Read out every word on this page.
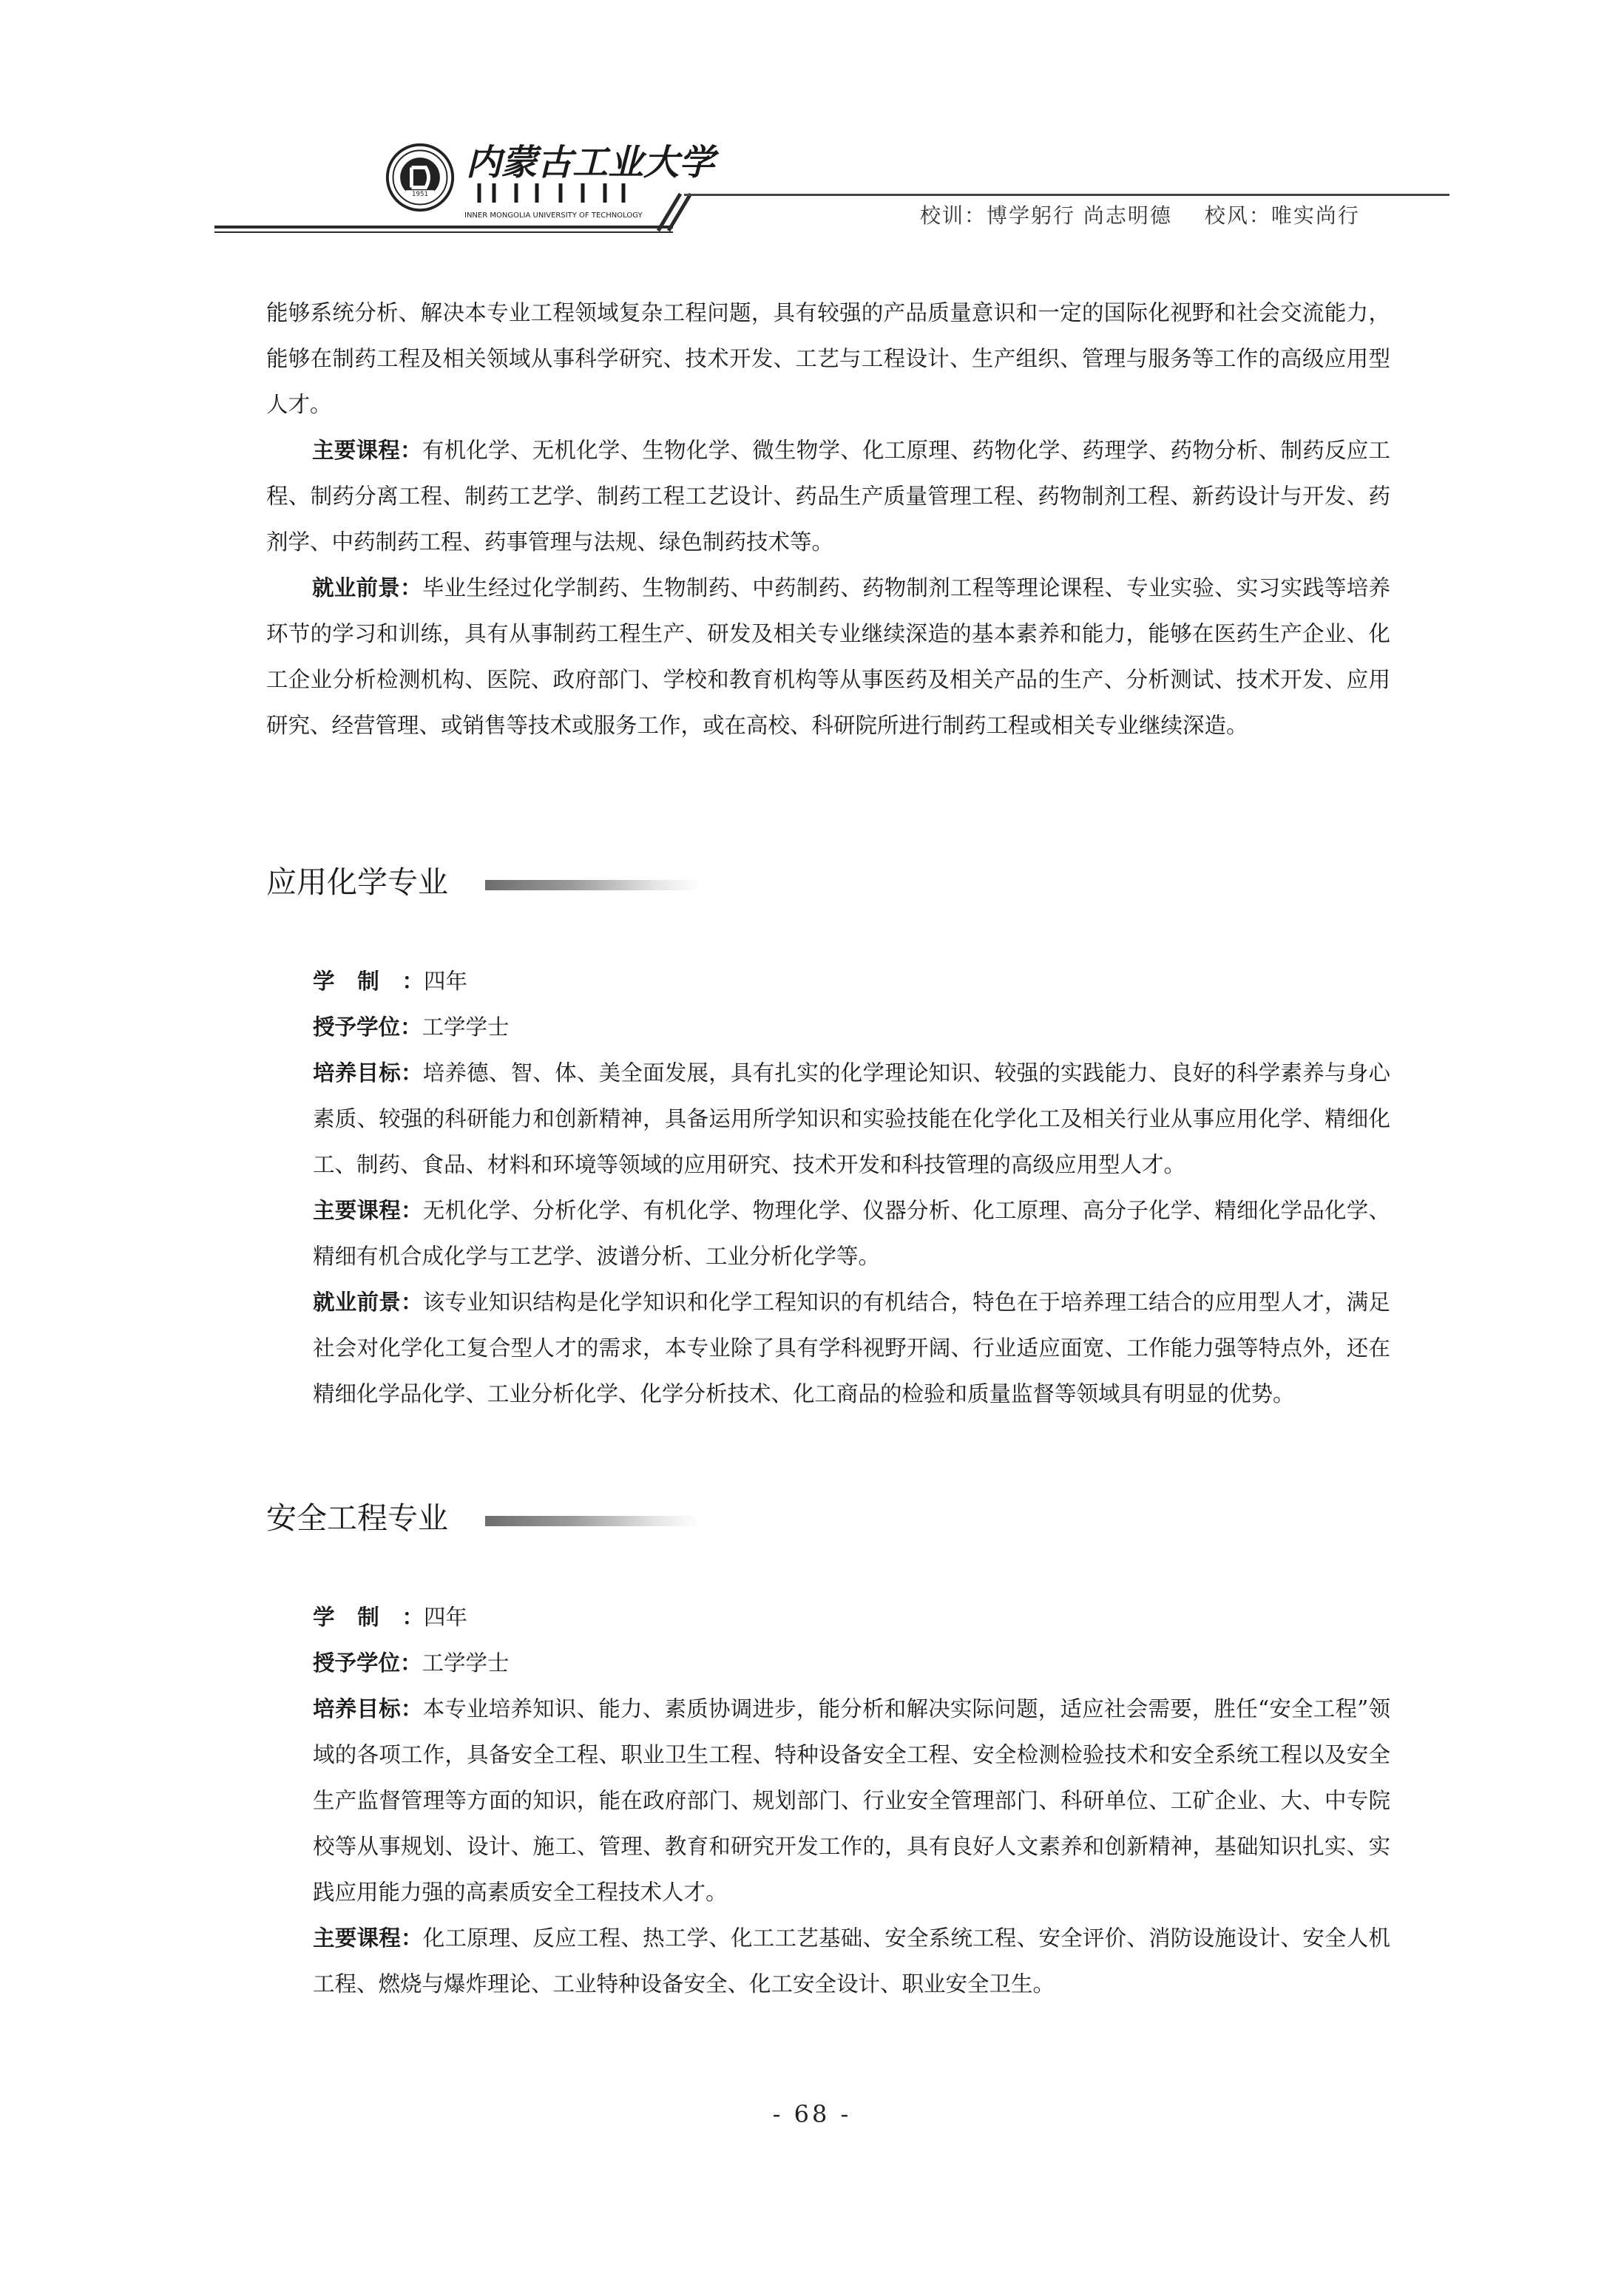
1951
内蒙古工业大学
INNER MONGOLIA UNIVERSITY OF TECHNOLOGY	校训：博学躬行 尚志明德 校风：唯实尚行

能够系统分析、解决本专业工程领域复杂工程问题，具有较强的产品质量意识和一定的国际化视野和社会交流能力，能够在制药工程及相关领域从事科学研究、技术开发、工艺与工程设计、生产组织、管理与服务等工作的高级应用型人才。

主要课程：有机化学、无机化学、生物化学、微生物学、化工原理、药物化学、药理学、药物分析、制药反应工程、制药分离工程、制药工艺学、制药工程工艺设计、药品生产质量管理工程、药物制剂工程、新药设计与开发、药剂学、中药制药工程、药事管理与法规、绿色制药技术等。

就业前景：毕业生经过化学制药、生物制药、中药制药、药物制剂工程等理论课程、专业实验、实习实践等培养环节的学习和训练，具有从事制药工程生产、研发及相关专业继续深造的基本素养和能力，能够在医药生产企业、化工企业分析检测机构、医院、政府部门、学校和教育机构等从事医药及相关产品的生产、分析测试、技术开发、应用研究、经营管理、或销售等技术或服务工作，或在高校、科研院所进行制药工程或相关专业继续深造。

应用化学专业

学制：四年

授予学位：工学学士

培养目标：培养德、智、体、美全面发展，具有扎实的化学理论知识、较强的实践能力、良好的科学素养与身心素质、较强的科研能力和创新精神，具备运用所学知识和实验技能在化学化工及相关行业从事应用化学、精细化工、制药、食品、材料和环境等领域的应用研究、技术开发和科技管理的高级应用型人才。

主要课程：无机化学、分析化学、有机化学、物理化学、仪器分析、化工原理、高分子化学、精细化学品化学、精细有机合成化学与工艺学、波谱分析、工业分析化学等。

就业前景：该专业知识结构是化学知识和化学工程知识的有机结合，特色在于培养理工结合的应用型人才，满足社会对化学化工复合型人才的需求，本专业除了具有学科视野开阔、行业适应面宽、工作能力强等特点外，还在精细化学品化学、工业分析化学、化学分析技术、化工商品的检验和质量监督等领域具有明显的优势。

安全工程专业

学制：四年

授予学位：工学学士

培养目标：本专业培养知识、能力、素质协调进步，能分析和解决实际问题，适应社会需要，胜任“安全工程”领域的各项工作，具备安全工程、职业卫生工程、特种设备安全工程、安全检测检验技术和安全系统工程以及安全生产监督管理等方面的知识，能在政府部门、规划部门、行业安全管理部门、科研单位、工矿企业、大、中专院校等从事规划、设计、施工、管理、教育和研究开发工作的，具有良好人文素养和创新精神，基础知识扎实、实践应用能力强的高素质安全工程技术人才。

主要课程：化工原理、反应工程、热工学、化工工艺基础、安全系统工程、安全评价、消防设施设计、安全人机工程、燃烧与爆炸理论、工业特种设备安全、化工安全设计、职业安全卫生。

- 68 -
